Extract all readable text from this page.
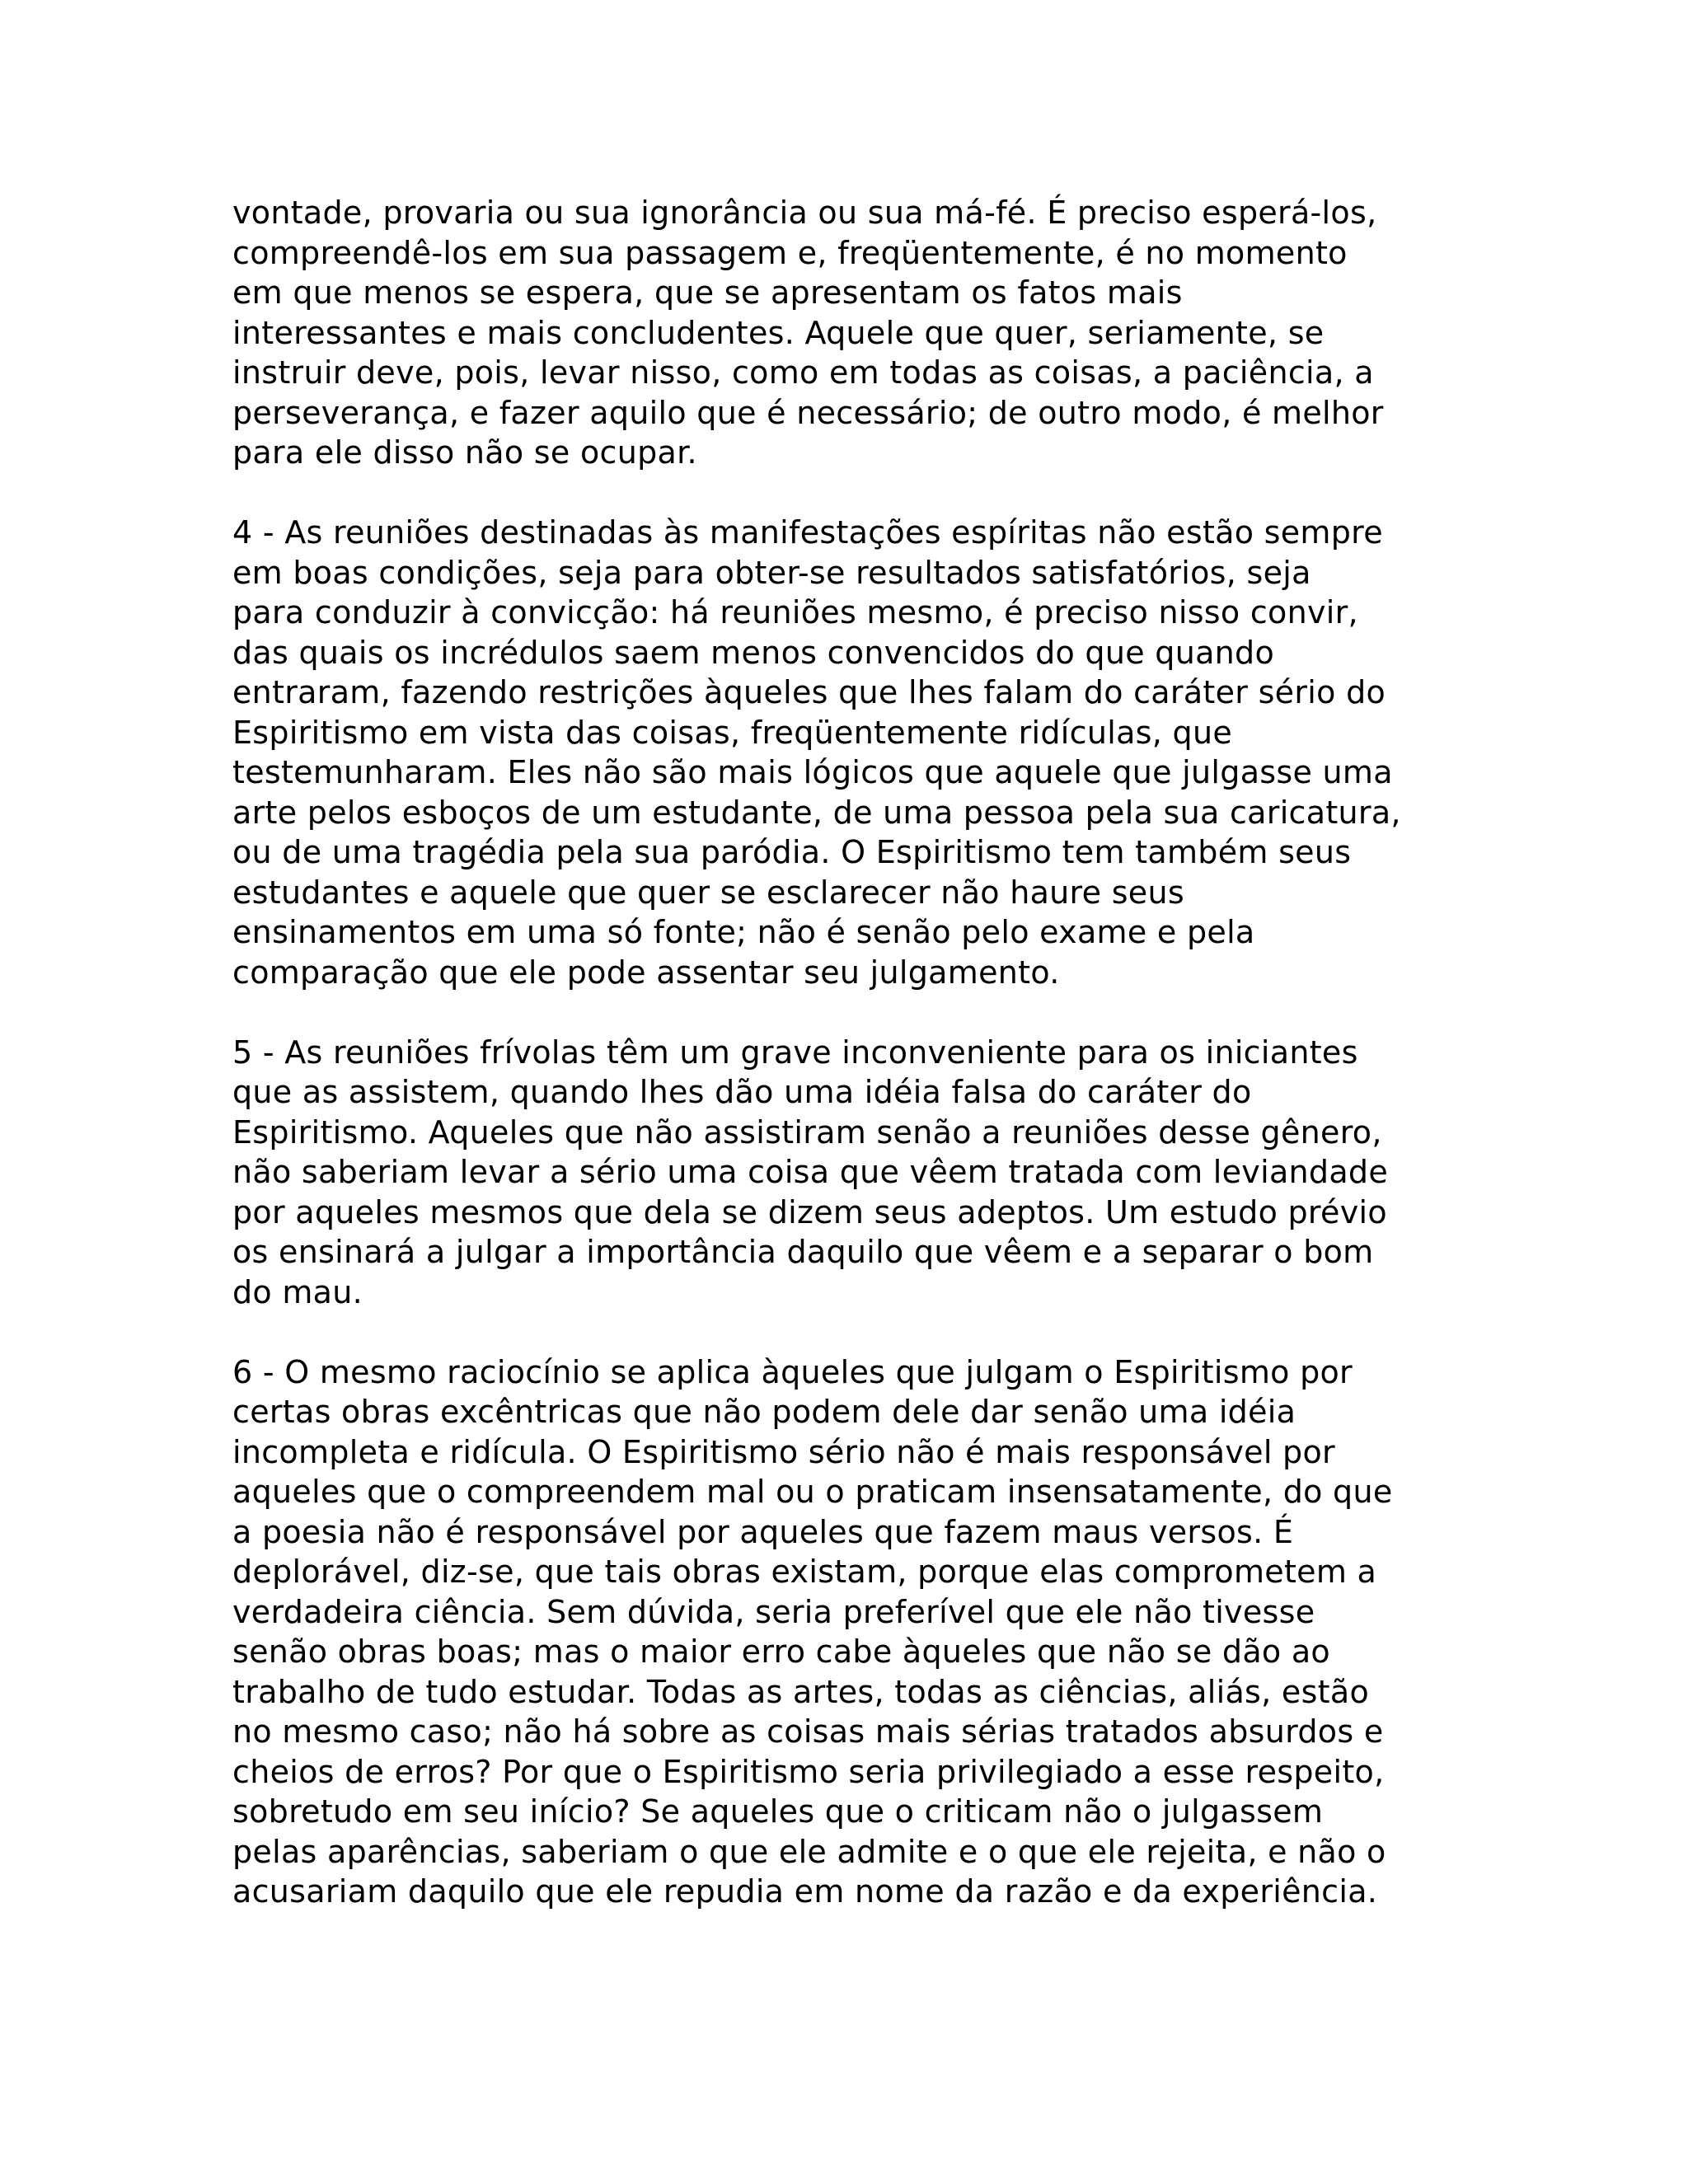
vontade, provaria ou sua ignorância ou sua má-fé. É preciso esperá-los,
compreendê-los em sua passagem e, freqüentemente, é no momento
em que menos se espera, que se apresentam os fatos mais
interessantes e mais concludentes. Aquele que quer, seriamente, se
instruir deve, pois, levar nisso, como em todas as coisas, a paciência, a
perseverança, e fazer aquilo que é necessário; de outro modo, é melhor
para ele disso não se ocupar.
4 - As reuniões destinadas às manifestações espíritas não estão sempre
em boas condições, seja para obter-se resultados satisfatórios, seja
para conduzir à convicção: há reuniões mesmo, é preciso nisso convir,
das quais os incrédulos saem menos convencidos do que quando
entraram, fazendo restrições àqueles que lhes falam do caráter sério do
Espiritismo em vista das coisas, freqüentemente ridículas, que
testemunharam. Eles não são mais lógicos que aquele que julgasse uma
arte pelos esboços de um estudante, de uma pessoa pela sua caricatura,
ou de uma tragédia pela sua paródia. O Espiritismo tem também seus
estudantes e aquele que quer se esclarecer não haure seus
ensinamentos em uma só fonte; não é senão pelo exame e pela
comparação que ele pode assentar seu julgamento.
5 - As reuniões frívolas têm um grave inconveniente para os iniciantes
que as assistem, quando lhes dão uma idéia falsa do caráter do
Espiritismo. Aqueles que não assistiram senão a reuniões desse gênero,
não saberiam levar a sério uma coisa que vêem tratada com leviandade
por aqueles mesmos que dela se dizem seus adeptos. Um estudo prévio
os ensinará a julgar a importância daquilo que vêem e a separar o bom
do mau.
6 - O mesmo raciocínio se aplica àqueles que julgam o Espiritismo por
certas obras excêntricas que não podem dele dar senão uma idéia
incompleta e ridícula. O Espiritismo sério não é mais responsável por
aqueles que o compreendem mal ou o praticam insensatamente, do que
a poesia não é responsável por aqueles que fazem maus versos. É
deplorável, diz-se, que tais obras existam, porque elas comprometem a
verdadeira ciência. Sem dúvida, seria preferível que ele não tivesse
senão obras boas; mas o maior erro cabe àqueles que não se dão ao
trabalho de tudo estudar. Todas as artes, todas as ciências, aliás, estão
no mesmo caso; não há sobre as coisas mais sérias tratados absurdos e
cheios de erros? Por que o Espiritismo seria privilegiado a esse respeito,
sobretudo em seu início? Se aqueles que o criticam não o julgassem
pelas aparências, saberiam o que ele admite e o que ele rejeita, e não o
acusariam daquilo que ele repudia em nome da razão e da experiência.
